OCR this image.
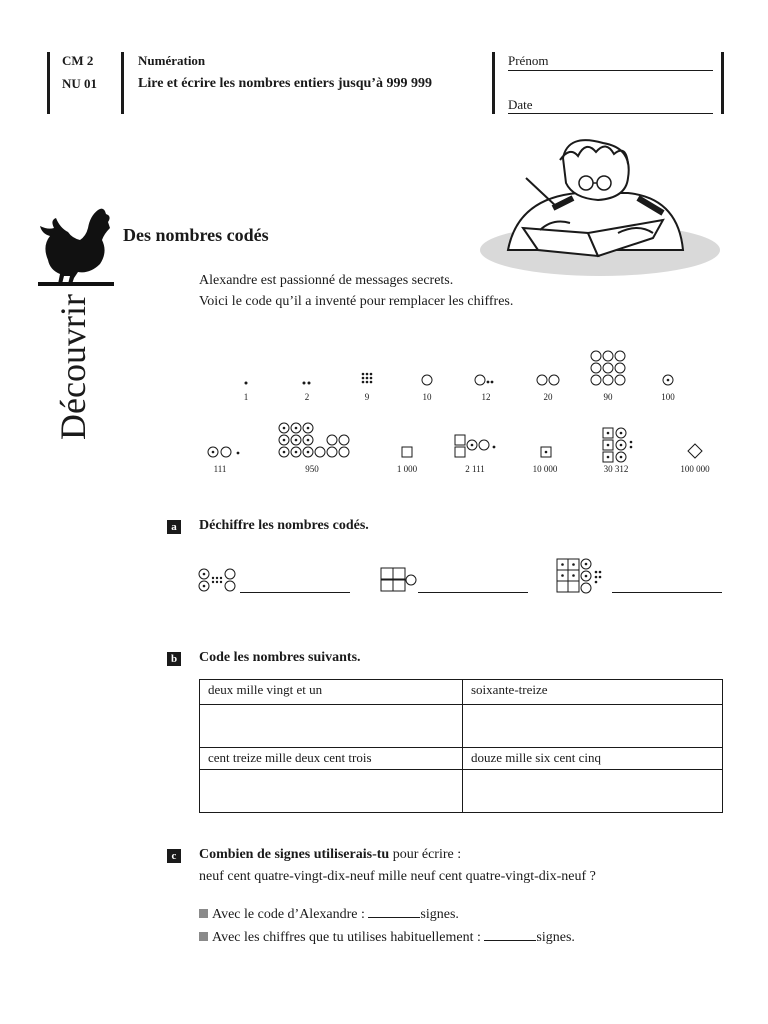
CM 2
NU 01
Numération
Lire et écrire les nombres entiers jusqu’à 999 999
Prénom
Date
Découvrir
Des nombres codés
Alexandre est passionné de messages secrets.
Voici le code qu’il a inventé pour remplacer les chiffres.
1	2	9	10	12	20	90	100
111	950	1 000	2 111	10 000	30 312	100 000
a	Déchiffre les nombres codés.
b Code les nombres suivants.
deux mille vingt et un	soixante-treize

cent treize mille deux cent trois	douze mille six cent cinq

c	Combien de signes utiliserais-tu pour écrire :
neuf cent quatre-vingt-dix-neuf mille neuf cent quatre-vingt-dix-neuf ?
Avec le code d’Alexandre :	signes.
Avec les chiffres que tu utilises habituellement :	signes.
